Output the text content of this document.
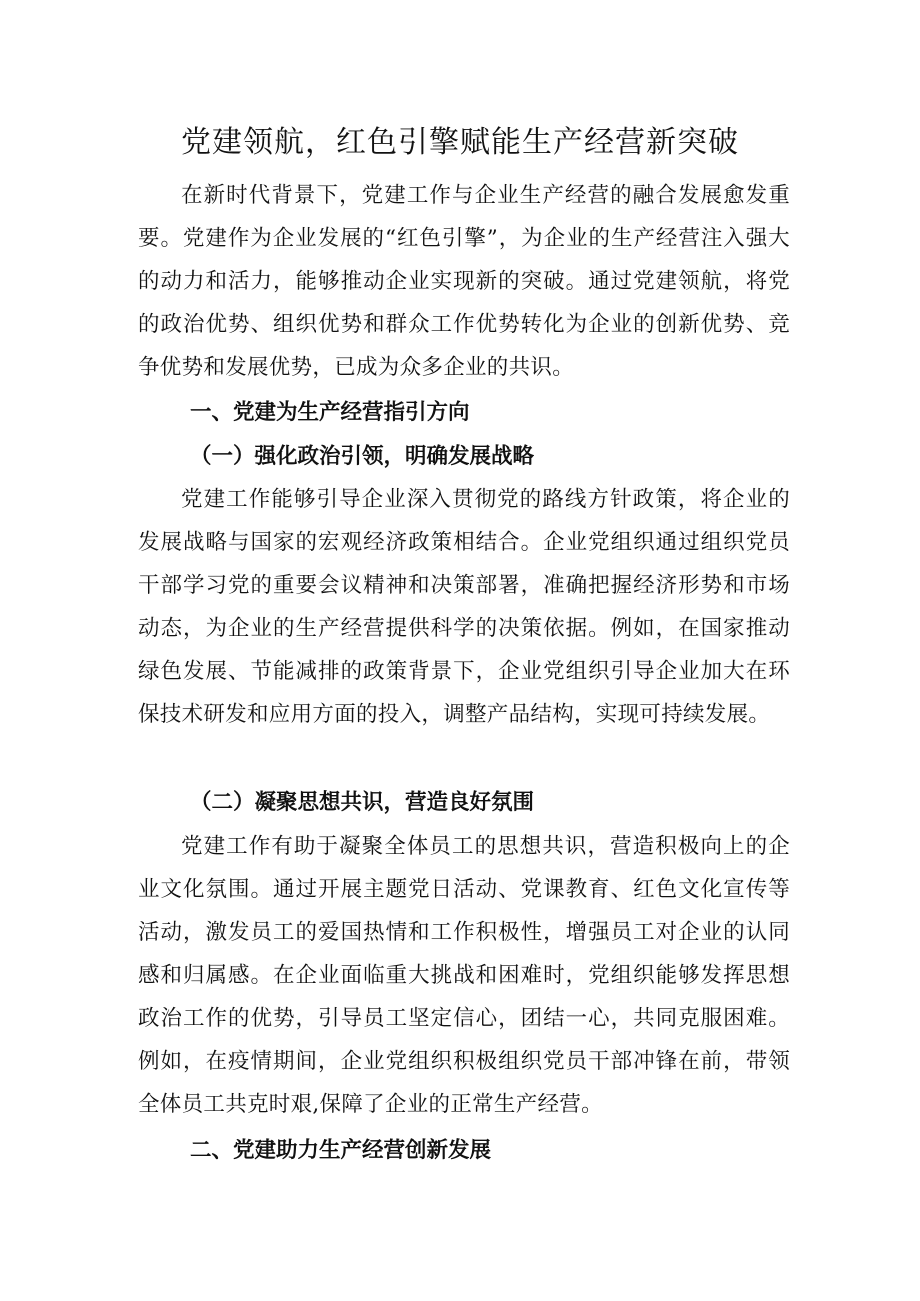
党建领航，红色引擎赋能生产经营新突破

在新时代背景下，党建工作与企业生产经营的融合发展愈发重要。党建作为企业发展的“红色引擎”，为企业的生产经营注入强大的动力和活力，能够推动企业实现新的突破。通过党建领航，将党的政治优势、组织优势和群众工作优势转化为企业的创新优势、竞争优势和发展优势，已成为众多企业的共识。

一、党建为生产经营指引方向
（一）强化政治引领，明确发展战略

党建工作能够引导企业深入贯彻党的路线方针政策，将企业的发展战略与国家的宏观经济政策相结合。企业党组织通过组织党员干部学习党的重要会议精神和决策部署，准确把握经济形势和市场动态，为企业的生产经营提供科学的决策依据。例如，在国家推动绿色发展、节能减排的政策背景下，企业党组织引导企业加大在环保技术研发和应用方面的投入，调整产品结构，实现可持续发展。

（二）凝聚思想共识，营造良好氛围

党建工作有助于凝聚全体员工的思想共识，营造积极向上的企业文化氛围。通过开展主题党日活动、党课教育、红色文化宣传等活动，激发员工的爱国热情和工作积极性，增强员工对企业的认同感和归属感。在企业面临重大挑战和困难时，党组织能够发挥思想政治工作的优势，引导员工坚定信心，团结一心，共同克服困难。例如，在疫情期间，企业党组织积极组织党员干部冲锋在前，带领全体员工共克时艰,保障了企业的正常生产经营。

二、党建助力生产经营创新发展
